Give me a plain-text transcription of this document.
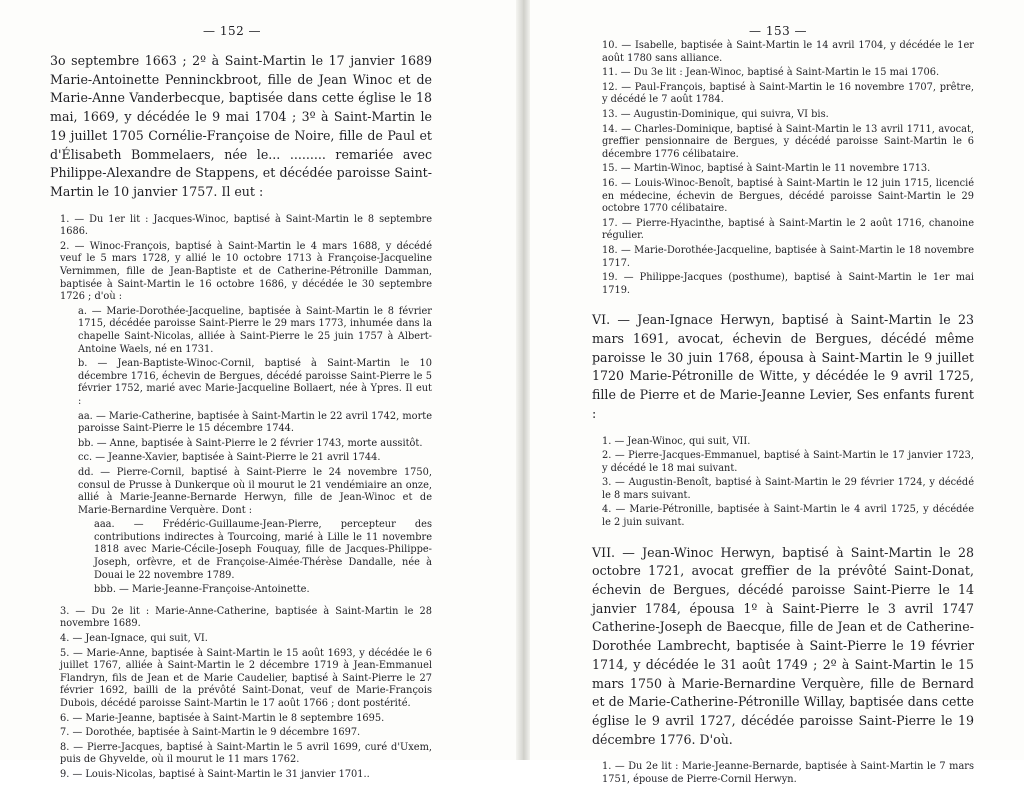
— 152 —

3o septembre 1663 ; 2º à Saint-Martin le 17 janvier 1689 Marie-Antoinette Penninckbroot, fille de Jean Winoc et de Marie-Anne Vanderbecque, baptisée dans cette église le 18 mai, 1669, y décédée le 9 mai 1704 ; 3º à Saint-Martin le 19 juillet 1705 Cornélie-Françoise de Noire, fille de Paul et d'Élisabeth Bommelaers, née le... ......... remariée avec Philippe-Alexandre de Stappens, et décédée paroisse Saint-Martin le 10 janvier 1757. Il eut :

1. — Du 1er lit : Jacques-Winoc, baptisé à Saint-Martin le 8 septembre 1686.

2. — Winoc-François, baptisé à Saint-Martin le 4 mars 1688, y décédé veuf le 5 mars 1728, y allié le 10 octobre 1713 à Françoise-Jacqueline Vernimmen, fille de Jean-Baptiste et de Catherine-Pétronille Damman, baptisée à Saint-Martin le 16 octobre 1686, y décédée le 30 septembre 1726 ; d'où :

a. — Marie-Dorothée-Jacqueline, baptisée à Saint-Martin le 8 février 1715, décédée paroisse Saint-Pierre le 29 mars 1773, inhumée dans la chapelle Saint-Nicolas, alliée à Saint-Pierre le 25 juin 1757 à Albert-Antoine Waels, né en 1731.

b. — Jean-Baptiste-Winoc-Cornil, baptisé à Saint-Martin le 10 décembre 1716, échevin de Bergues, décédé paroisse Saint-Pierre le 5 février 1752, marié avec Marie-Jacqueline Bollaert, née à Ypres. Il eut :

aa. — Marie-Catherine, baptisée à Saint-Martin le 22 avril 1742, morte paroisse Saint-Pierre le 15 décembre 1744.

bb. — Anne, baptisée à Saint-Pierre le 2 février 1743, morte aussitôt.

cc. — Jeanne-Xavier, baptisée à Saint-Pierre le 21 avril 1744.

dd. — Pierre-Cornil, baptisé à Saint-Pierre le 24 novembre 1750, consul de Prusse à Dunkerque où il mourut le 21 vendémiaire an onze, allié à Marie-Jeanne-Bernarde Herwyn, fille de Jean-Winoc et de Marie-Bernardine Verquère. Dont :

aaa. — Frédéric-Guillaume-Jean-Pierre, percepteur des contributions indirectes à Tourcoing, marié à Lille le 11 novembre 1818 avec Marie-Cécile-Joseph Fouquay, fille de Jacques-Philippe-Joseph, orfèvre, et de Françoise-Aimée-Thérèse Dandalle, née à Douai le 22 novembre 1789.

bbb. — Marie-Jeanne-Françoise-Antoinette.

3. — Du 2e lit : Marie-Anne-Catherine, baptisée à Saint-Martin le 28 novembre 1689.

4. — Jean-Ignace, qui suit, VI.

5. — Marie-Anne, baptisée à Saint-Martin le 15 août 1693, y décédée le 6 juillet 1767, alliée à Saint-Martin le 2 décembre 1719 à Jean-Emmanuel Flandryn, fils de Jean et de Marie Caudelier, baptisé à Saint-Pierre le 27 février 1692, bailli de la prévôté Saint-Donat, veuf de Marie-François Dubois, décédé paroisse Saint-Martin le 17 août 1766 ; dont postérité.

6. — Marie-Jeanne, baptisée à Saint-Martin le 8 septembre 1695.

7. — Dorothée, baptisée à Saint-Martin le 9 décembre 1697.

8. — Pierre-Jacques, baptisé à Saint-Martin le 5 avril 1699, curé d'Uxem, puis de Ghyvelde, où il mourut le 11 mars 1762.

9. — Louis-Nicolas, baptisé à Saint-Martin le 31 janvier 1701..

— 153 —

10. — Isabelle, baptisée à Saint-Martin le 14 avril 1704, y décédée le 1er août 1780 sans alliance.

11. — Du 3e lit : Jean-Winoc, baptisé à Saint-Martin le 15 mai 1706.

12. — Paul-François, baptisé à Saint-Martin le 16 novembre 1707, prêtre, y décédé le 7 août 1784.

13. — Augustin-Dominique, qui suivra, VI bis.

14. — Charles-Dominique, baptisé à Saint-Martin le 13 avril 1711, avocat, greffier pensionnaire de Bergues, y décédé paroisse Saint-Martin le 6 décembre 1776 célibataire.

15. — Martin-Winoc, baptisé à Saint-Martin le 11 novembre 1713.

16. — Louis-Winoc-Benoît, baptisé à Saint-Martin le 12 juin 1715, licencié en médecine, échevin de Bergues, décédé paroisse Saint-Martin le 29 octobre 1770 célibataire.

17. — Pierre-Hyacinthe, baptisé à Saint-Martin le 2 août 1716, chanoine régulier.

18. — Marie-Dorothée-Jacqueline, baptisée à Saint-Martin le 18 novembre 1717.

19. — Philippe-Jacques (posthume), baptisé à Saint-Martin le 1er mai 1719.

VI. — Jean-Ignace Herwyn, baptisé à Saint-Martin le 23 mars 1691, avocat, échevin de Bergues, décédé même paroisse le 30 juin 1768, épousa à Saint-Martin le 9 juillet 1720 Marie-Pétronille de Witte, y décédée le 9 avril 1725, fille de Pierre et de Marie-Jeanne Levier, Ses enfants furent :

1. — Jean-Winoc, qui suit, VII.

2. — Pierre-Jacques-Emmanuel, baptisé à Saint-Martin le 17 janvier 1723, y décédé le 18 mai suivant.

3. — Augustin-Benoît, baptisé à Saint-Martin le 29 février 1724, y décédé le 8 mars suivant.

4. — Marie-Pétronille, baptisée à Saint-Martin le 4 avril 1725, y décédée le 2 juin suivant.

VII. — Jean-Winoc Herwyn, baptisé à Saint-Martin le 28 octobre 1721, avocat greffier de la prévôté Saint-Donat, échevin de Bergues, décédé paroisse Saint-Pierre le 14 janvier 1784, épousa 1º à Saint-Pierre le 3 avril 1747 Catherine-Joseph de Baecque, fille de Jean et de Catherine-Dorothée Lambrecht, baptisée à Saint-Pierre le 19 février 1714, y décédée le 31 août 1749 ; 2º à Saint-Martin le 15 mars 1750 à Marie-Bernardine Verquère, fille de Bernard et de Marie-Catherine-Pétronille Willay, baptisée dans cette église le 9 avril 1727, décédée paroisse Saint-Pierre le 19 décembre 1776. D'où.

1. — Du 2e lit : Marie-Jeanne-Bernarde, baptisée à Saint-Martin le 7 mars 1751, épouse de Pierre-Cornil Herwyn.
